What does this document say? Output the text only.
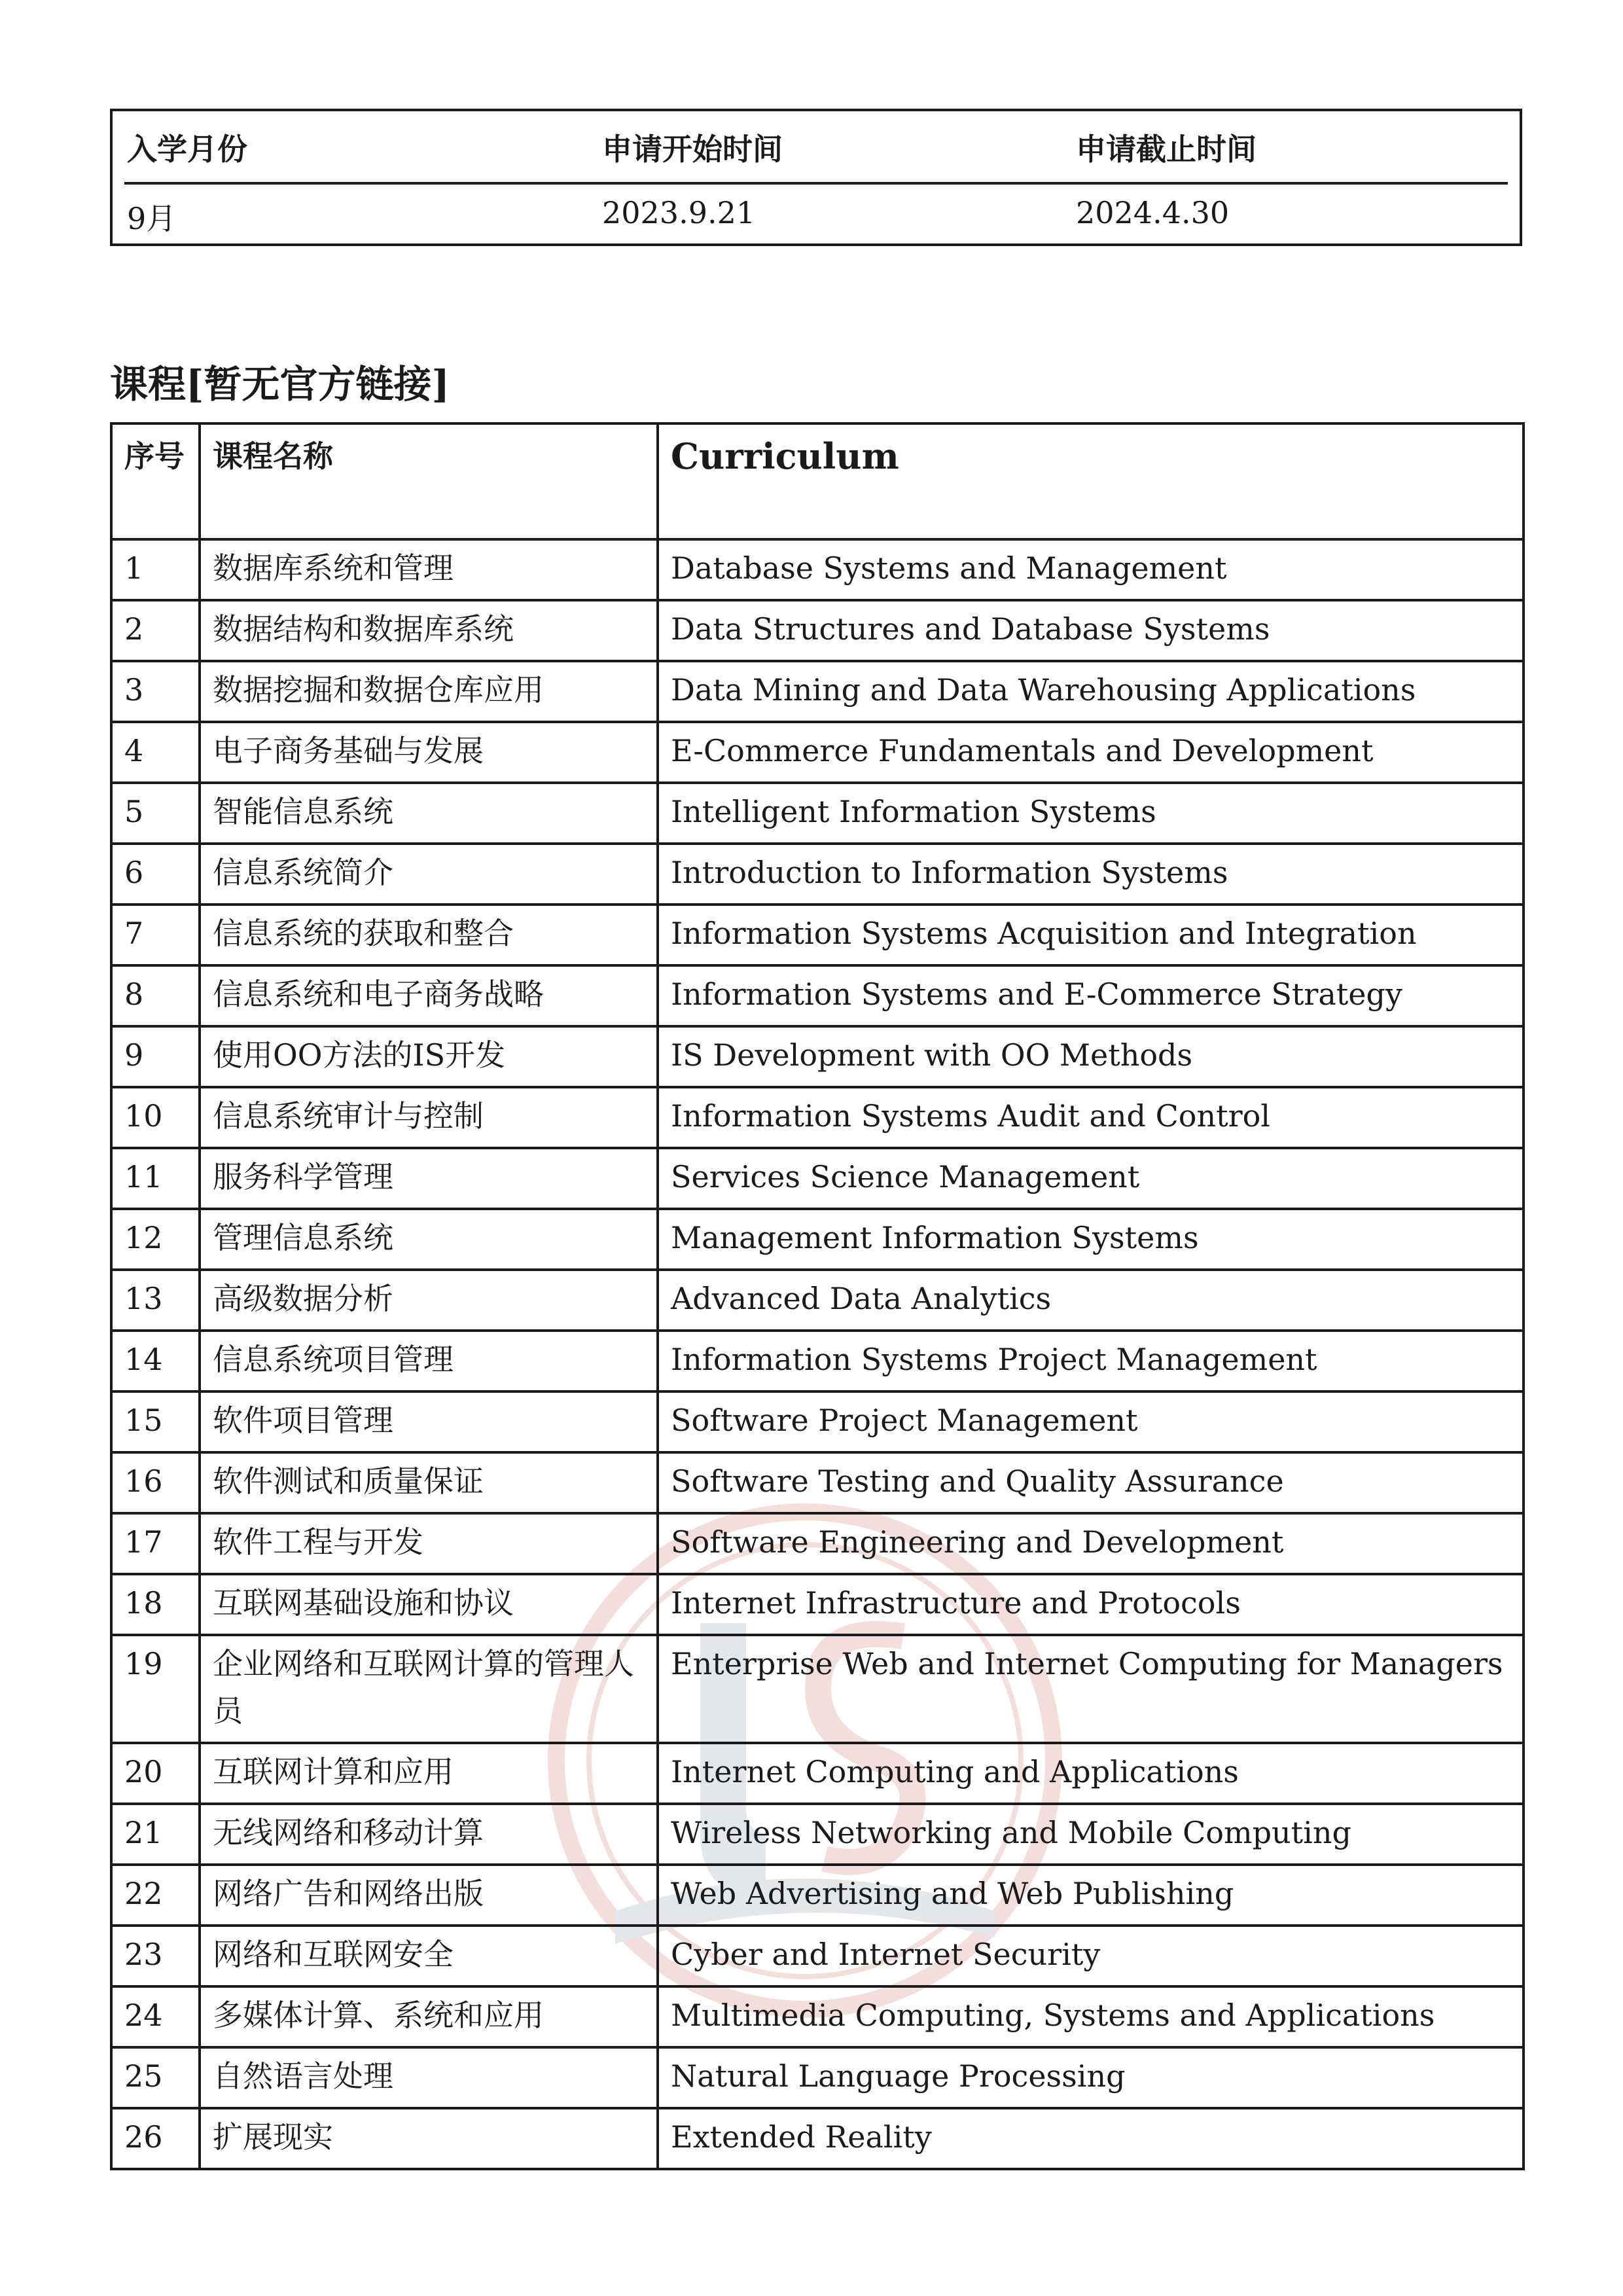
入学月份	申请开始时间	申请截止时间
9月	2023.9.21	2024.4.30
课程[暂无官方链接]
序号	课程名称	Curriculum
1	数据库系统和管理	Database Systems and Management
2	数据结构和数据库系统	Data Structures and Database Systems
3	数据挖掘和数据仓库应用	Data Mining and Data Warehousing Applications
4	电子商务基础与发展	E-Commerce Fundamentals and Development
5	智能信息系统	Intelligent Information Systems
6	信息系统简介	Introduction to Information Systems
7	信息系统的获取和整合	Information Systems Acquisition and Integration
8	信息系统和电子商务战略	Information Systems and E-Commerce Strategy
9	使用OO方法的IS开发	IS Development with OO Methods
10	信息系统审计与控制	Information Systems Audit and Control
11	服务科学管理	Services Science Management
12	管理信息系统	Management Information Systems
13	高级数据分析	Advanced Data Analytics
14	信息系统项目管理	Information Systems Project Management
15	软件项目管理	Software Project Management
16	软件测试和质量保证	Software Testing and Quality Assurance
17	软件工程与开发	Software Engineering and Development
18	互联网基础设施和协议	Internet Infrastructure and Protocols
19	企业网络和互联网计算的管理人员	Enterprise Web and Internet Computing for Managers
20	互联网计算和应用	Internet Computing and Applications
21	无线网络和移动计算	Wireless Networking and Mobile Computing
22	网络广告和网络出版	Web Advertising and Web Publishing
23	网络和互联网安全	Cyber and Internet Security
24	多媒体计算、系统和应用	Multimedia Computing, Systems and Applications
25	自然语言处理	Natural Language Processing
26	扩展现实	Extended Reality
